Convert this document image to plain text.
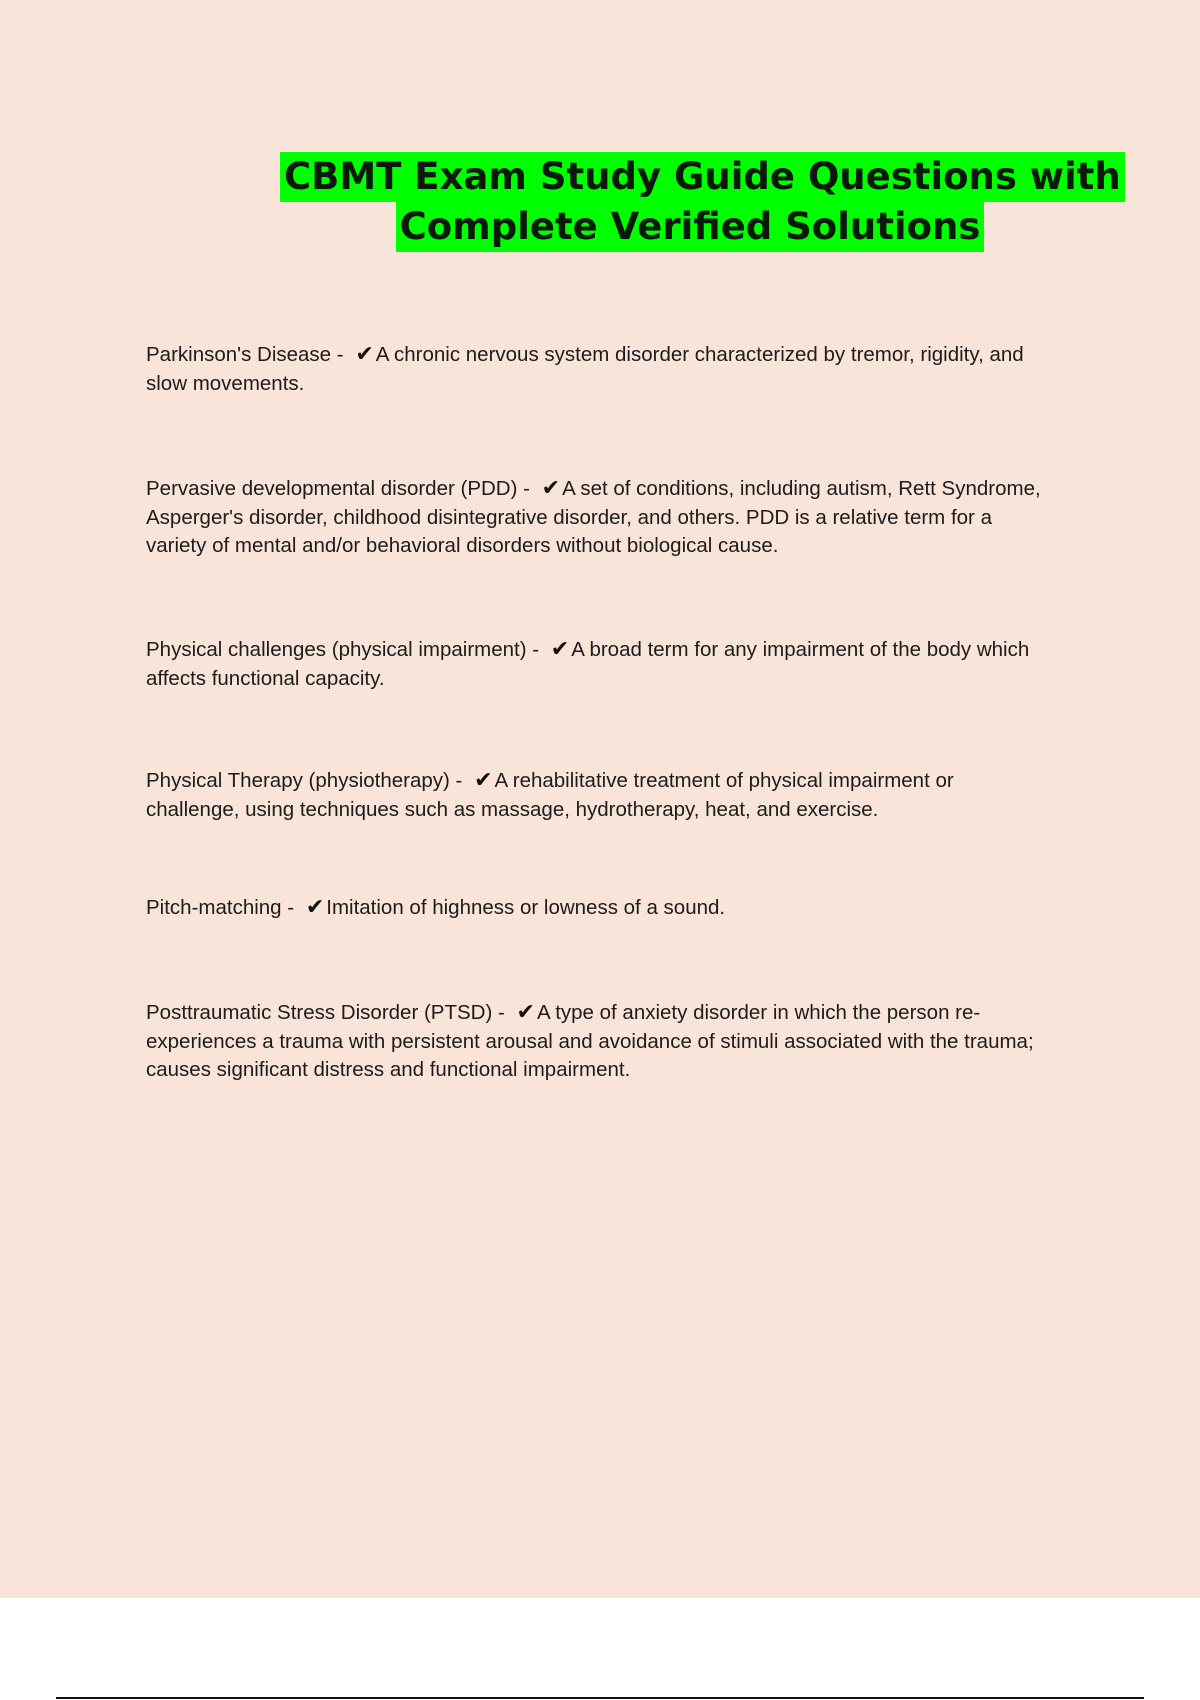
CBMT Exam Study Guide Questions with
Complete Verified Solutions
Parkinson's Disease - ✔A chronic nervous system disorder characterized by tremor, rigidity, and slow movements.
Pervasive developmental disorder (PDD) - ✔A set of conditions, including autism, Rett Syndrome, Asperger's disorder, childhood disintegrative disorder, and others. PDD is a relative term for a variety of mental and/or behavioral disorders without biological cause.
Physical challenges (physical impairment) - ✔A broad term for any impairment of the body which affects functional capacity.
Physical Therapy (physiotherapy) - ✔A rehabilitative treatment of physical impairment or challenge, using techniques such as massage, hydrotherapy, heat, and exercise.
Pitch-matching - ✔Imitation of highness or lowness of a sound.
Posttraumatic Stress Disorder (PTSD) - ✔A type of anxiety disorder in which the person re-experiences a trauma with persistent arousal and avoidance of stimuli associated with the trauma; causes significant distress and functional impairment.
